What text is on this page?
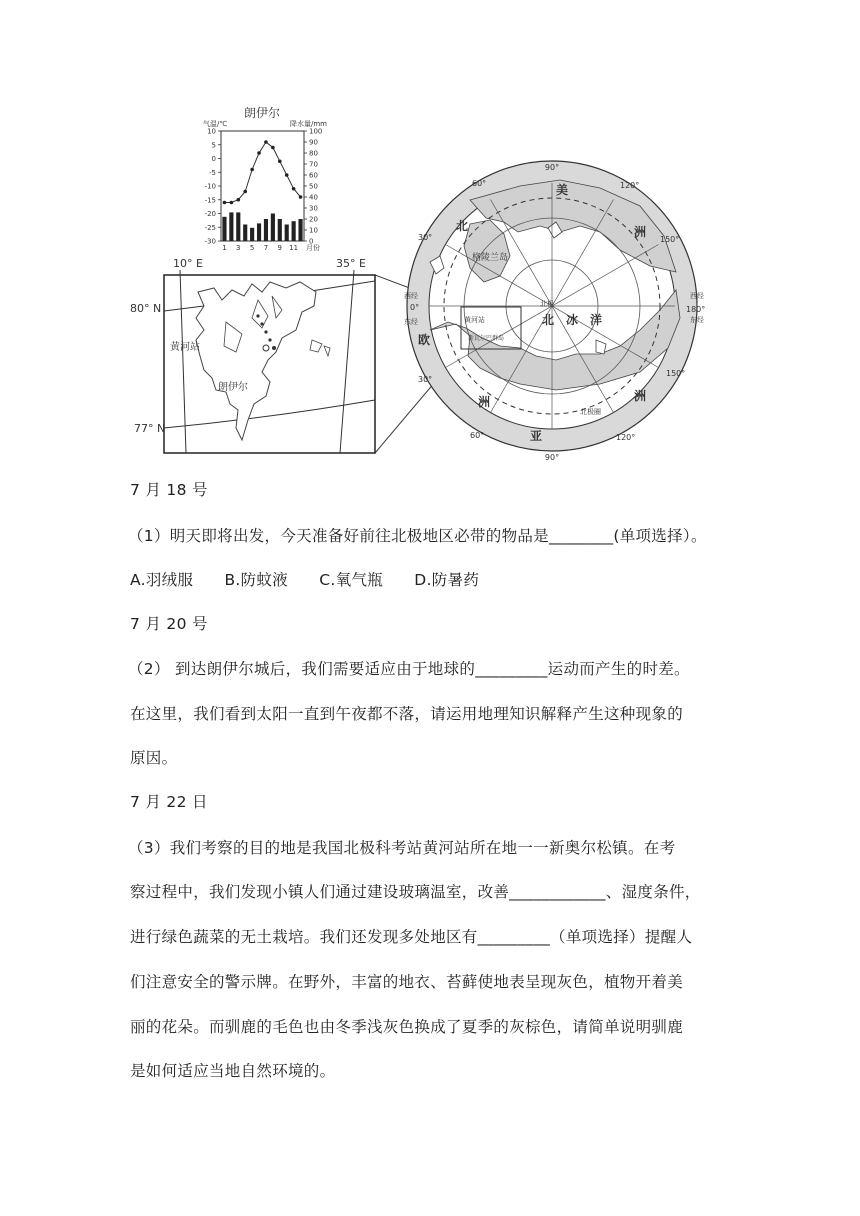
朗伊尔
气温/℃	降水量/mm
10
5
0
-5
-10
-15
-20
-25
-30
100
90
80
70
60
50
40
30
20
10
0
1 3 5 7 9 11 月份
10° E	35° E
80° N
77° N
黄河站
朗伊尔
90°
90°
120°
150°
180°
150°
120°
30°
30°
60°
60°
0°
西经
东经
西经
东经
北
美
格陵兰岛
北极
北 冰 洋
黄河站
斯瓦尔巴群岛
欧
洲
亚
洲
洲
北极圈
7 月 18 号
（1）明天即将出发，今天准备好前往北极地区必带的物品是________(单项选择）。
A.羽绒服 B.防蚊液 C.氧气瓶 D.防暑药
7 月 20 号
（2） 到达朗伊尔城后，我们需要适应由于地球的_________运动而产生的时差。
在这里，我们看到太阳一直到午夜都不落，请运用地理知识解释产生这种现象的
原因。
7 月 22 日
（3）我们考察的目的地是我国北极科考站黄河站所在地一一新奥尔松镇。在考
察过程中，我们发现小镇人们通过建设玻璃温室，改善____________、湿度条件，
进行绿色蔬菜的无土栽培。我们还发现多处地区有_________（单项选择）提醒人
们注意安全的警示牌。在野外，丰富的地衣、苔藓使地表呈现灰色，植物开着美
丽的花朵。而驯鹿的毛色也由冬季浅灰色换成了夏季的灰棕色，请简单说明驯鹿
是如何适应当地自然环境的。
